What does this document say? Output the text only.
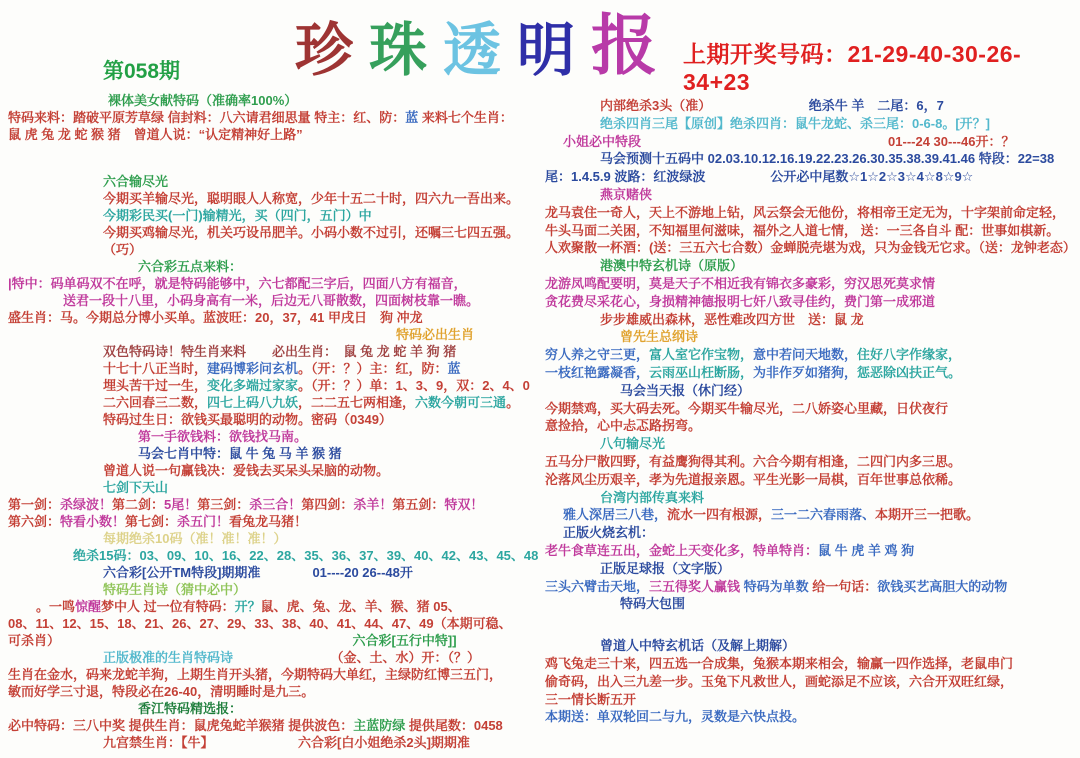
第058期 珍 珠 透 明 报 上期开奖号码：21-29-40-30-26-34+23
裸体美女献特码（准确率100%）
特码来料：踏破平原芳草绿 信封料：八六请君细思量 特主：红、防：蓝 来料七个生肖：
鼠 虎 兔 龙 蛇 猴 猪　曾道人说：“认定精神好上路”
六合输尽光
今期买羊输尽光，聪明眼人人称宽，少年十五二十时，四六九一吾出来。
今期彩民买(一门)输精光，买（四门，五门）中
今期买鸡输尽光，机关巧设吊肥羊。小码小数不过引，还嘱三七四五强。（巧）
六合彩五点来料：
|特中：码单码双不在呼，就是特码能够中，六七都配三字后，四面八方有福音，
送君一段十八里，小码身高有一米，后边无八哥散数，四面树枝靠一瞧。
盛生肖：马。今期总分博小买单。蓝波旺：20，37，41 甲戌日　狗 冲龙
特码必出生肖
双色特码诗！特生肖来料　　必出生肖：　鼠 兔 龙 蛇 羊 狗 猪
十七十八正当时，建码博彩问玄机。（开：？）主：红，防：蓝
埋头苦干过一生，变化多端过家家。（开：？）单：1、3、9，双：2、4、0
二六回春三二数，四七上码八九妖，二二五七两相逢，六数今朝可三通。
特码过生日：欲钱买最聪明的动物。密码（0349）
第一手欲钱料：欲钱找马南。
马会七肖中特：鼠 牛 兔 马 羊 猴 猪
曾道人说一句赢钱决：爱钱去买呆头呆脑的动物。
七剑下天山
第一剑：杀绿波！第二剑：5尾！第三剑：杀三合！第四剑：杀羊！第五剑：特双！
第六剑：特看小数！第七剑：杀五门！看兔龙马猪！
每期绝杀10码（准！准！准！）
绝杀15码：03、09、10、16、22、28、35、36、37、39、40、42、43、45、48
六合彩[公开TM特段]期期准　　　　01----20 26--48开
特码生肖诗（猜中必中）
。一鸣惊醒梦中人 过一位有特码：开？鼠、虎、兔、龙、羊、猴、猪 05、
08、11、12、15、18、21、26、27、29、33、38、40、41、44、47、49（本期可稳、
可杀肖）　　　　　　　　　　　　　　　　　　　　　　　	六合彩[五行中特]]
正版极准的生肖特码诗　　　　　　　　（金、土、水）开：（？）
生肖在金水，码来龙蛇羊狗，上期生肖开头猪，今期特码大单红，主绿防红博三五门，
敏而好学三寸退，特段必在26-40，清明睡时是九三。
香江特码精选报：
必中特码：三八中奖 提供生肖：鼠虎兔蛇羊猴猪 提供波色：主蓝防绿 提供尾数：0458
九宫禁生肖：【牛】　　　　　　　	六合彩[白小姐绝杀2头]期期准
内部绝杀3头（准）　　　　　　　　	绝杀牛 羊　二尾：6，7
绝杀四肖三尾【原创】绝杀四肖：鼠牛龙蛇、杀三尾：0-6-8。[开？]
小姐必中特段　　　　　　　　　　　　　　　　　　　	01---24 30---46开：？
马会预测十五码中 02.03.10.12.16.19.22.23.26.30.35.38.39.41.46 特段：22=38
尾：1.4.5.9 波路：红波绿波　　　　　公开必中尾数☆1☆2☆3☆4☆8☆9☆
燕京赌侠
龙马袁住一奇人，天上不游地上钻，风云祭会无他份，将相帝王定无为，十字架前命定轻，
牛头马面二关困，不知福里何滋味，福外之人道七情， 送：一三各自斗 配：世事如棋新。
人欢聚散一杯酒：(送：三五六七合数）金蝉脱壳堪为戏，只为金钱无它求。（送：龙钟老态）
港澳中特玄机诗（原版）
龙游凤鸣配要明，莫是天子不相近我有锦衣多豪彩，穷汉思死莫求情
贪花费尽采花心，身损精神德报明七奸八致寻佳约，费门第一成邪道
步步雄威出森林，恶性难改四方世　送：鼠 龙
曾先生总纲诗
穷人养之守三更，富人室它作宝物，意中若问天地数，住好八字作缘家，
一枝红艳露凝香，云雨巫山枉断肠，为非作歹如猪狗，惩恶除凶扶正气。
马会当天报（休门经）
今期禁鸡，买大码去死。今期买牛输尽光，二八娇姿心里藏，日伏夜行
意捡拾，心中忐忑路拐弯。
八句输尽光
五马分尸散四野，有益鹰狗得其利。六合今期有相逢，二四门内多三思。
沦落风尘历艰辛，孝为先道报亲恩。平生光影一局棋，百年世事总依稀。
台湾内部传真来料
雅人深居三八巷，流水一四有根源，三一二六春雨落、本期开三一把歌。
正版火烧玄机：
老牛食草连五出，金蛇上天变化多，特单特肖：鼠 牛 虎 羊 鸡 狗
正版足球报（文字版）
三头六臂击天地，三五得奖人赢钱 特码为单数 给一句话：欲钱买艺高胆大的动物
特码大包围
曾道人中特玄机话（及解上期解）
鸡飞兔走三十来，四五选一合成集，兔猴本期来相会，输赢一四作选择，老鼠串门
偷奇码，出入三九差一步。玉兔下凡救世人，画蛇添足不应该，六合开双旺红绿，
三一情长断五开
本期送：单双轮回二与九，灵数是六快点投。
